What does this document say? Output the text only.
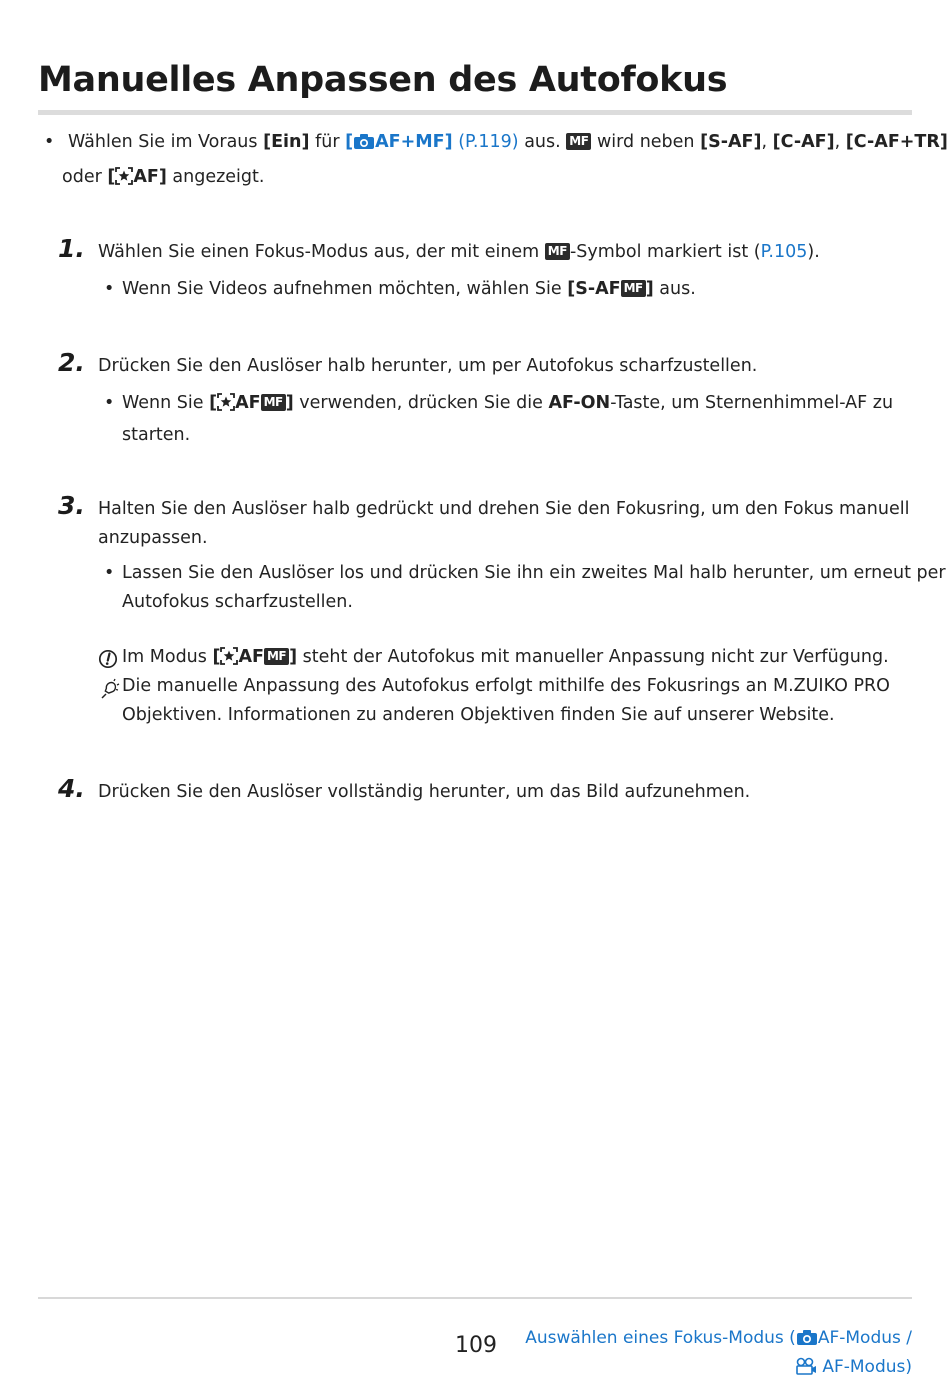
Manuelles Anpassen des Autofokus
• Wählen Sie im Voraus [Ein] für [ AF+MF] (P.119) aus. MF wird neben [S-AF], [C-AF], [C-AF+TR]
oder [ AF] angezeigt.
1. Wählen Sie einen Fokus-Modus aus, der mit einem MF -Symbol markiert ist (P.105).
• Wenn Sie Videos aufnehmen möchten, wählen Sie [S-AF MF ] aus.
2. Drücken Sie den Auslöser halb herunter, um per Autofokus scharfzustellen.
• Wenn Sie [ AF MF ] verwenden, drücken Sie die AF-ON-Taste, um Sternenhimmel-AF zu
starten.
3. Halten Sie den Auslöser halb gedrückt und drehen Sie den Fokusring, um den Fokus manuell
anzupassen.
• Lassen Sie den Auslöser los und drücken Sie ihn ein zweites Mal halb herunter, um erneut per
Autofokus scharfzustellen.
Im Modus [ AF MF ] steht der Autofokus mit manueller Anpassung nicht zur Verfügung.
Die manuelle Anpassung des Autofokus erfolgt mithilfe des Fokusrings an M.ZUIKO PRO
Objektiven. Informationen zu anderen Objektiven finden Sie auf unserer Website.
4. Drücken Sie den Auslöser vollständig herunter, um das Bild aufzunehmen.
109	Auswählen eines Fokus-Modus ( AF-Modus /
AF-Modus)
